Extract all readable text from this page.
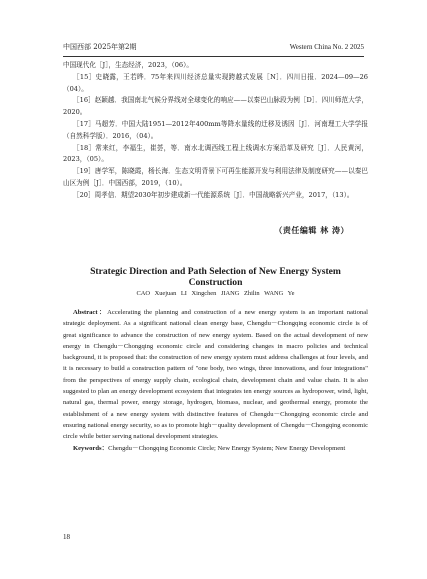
中国西部 2025年第2期	Western China No. 2 2025

中国现代化［J］，生态经济，2023，（06）。

［15］史晓露，王若晔．75年来四川经济总量实现跨越式发展［N］．四川日报．2024—09—26（04）。

［16］赵颖越．我国南北气候分界线对全球变化的响应——以秦巴山脉段为例［D］．四川师范大学，2020。

［17］马超芳．中国大陆1951—2012年400mm等降水量线的迁移及诱因［J］．河南理工大学学报（自然科学版）．2016，（04）。

［18］常来红，李福生，崔荟，等．南水北调西线工程上线调水方案沿革及研究［J］．人民黄河，2023，（05）。

［19］唐学军，陈晓霞，杨长海．生态文明背景下可再生能源开发与利用法律及制度研究——以秦巴山区为例［J］．中国西部，2019，（10）。

［20］周孝信．期望2030年初步建成新一代能源系统［J］．中国战略新兴产业，2017，（13）。

（责任编辑 林 涛）
Strategic Direction and Path Selection of New Energy System Construction
CAO Xuejuan LI Xingchen JIANG Zhilin WANG Ye

Abstract：Accelerating the planning and construction of a new energy system is an important national strategic deployment. As a significant national clean energy base, Chengdu－Chongqing economic circle is of great significance to advance the construction of new energy system. Based on the actual development of new energy in Chengdu－Chongqing economic circle and considering changes in macro policies and technical background, it is proposed that: the construction of new energy system must address challenges at four levels, and it is necessary to build a construction pattern of "one body, two wings, three innovations, and four integrations" from the perspectives of energy supply chain, ecological chain, development chain and value chain. It is also suggested to plan an energy development ecosystem that integrates ten energy sources as hydropower, wind, light, natural gas, thermal power, energy storage, hydrogen, biomass, nuclear, and geothermal energy, promote the establishment of a new energy system with distinctive features of Chengdu－Chongqing economic circle and ensuring national energy security, so as to promote high－quality development of Chengdu－Chongqing economic circle while better serving national development strategies.

Keywords：Chengdu－Chongqing Economic Circle; New Energy System; New Energy Development

18
